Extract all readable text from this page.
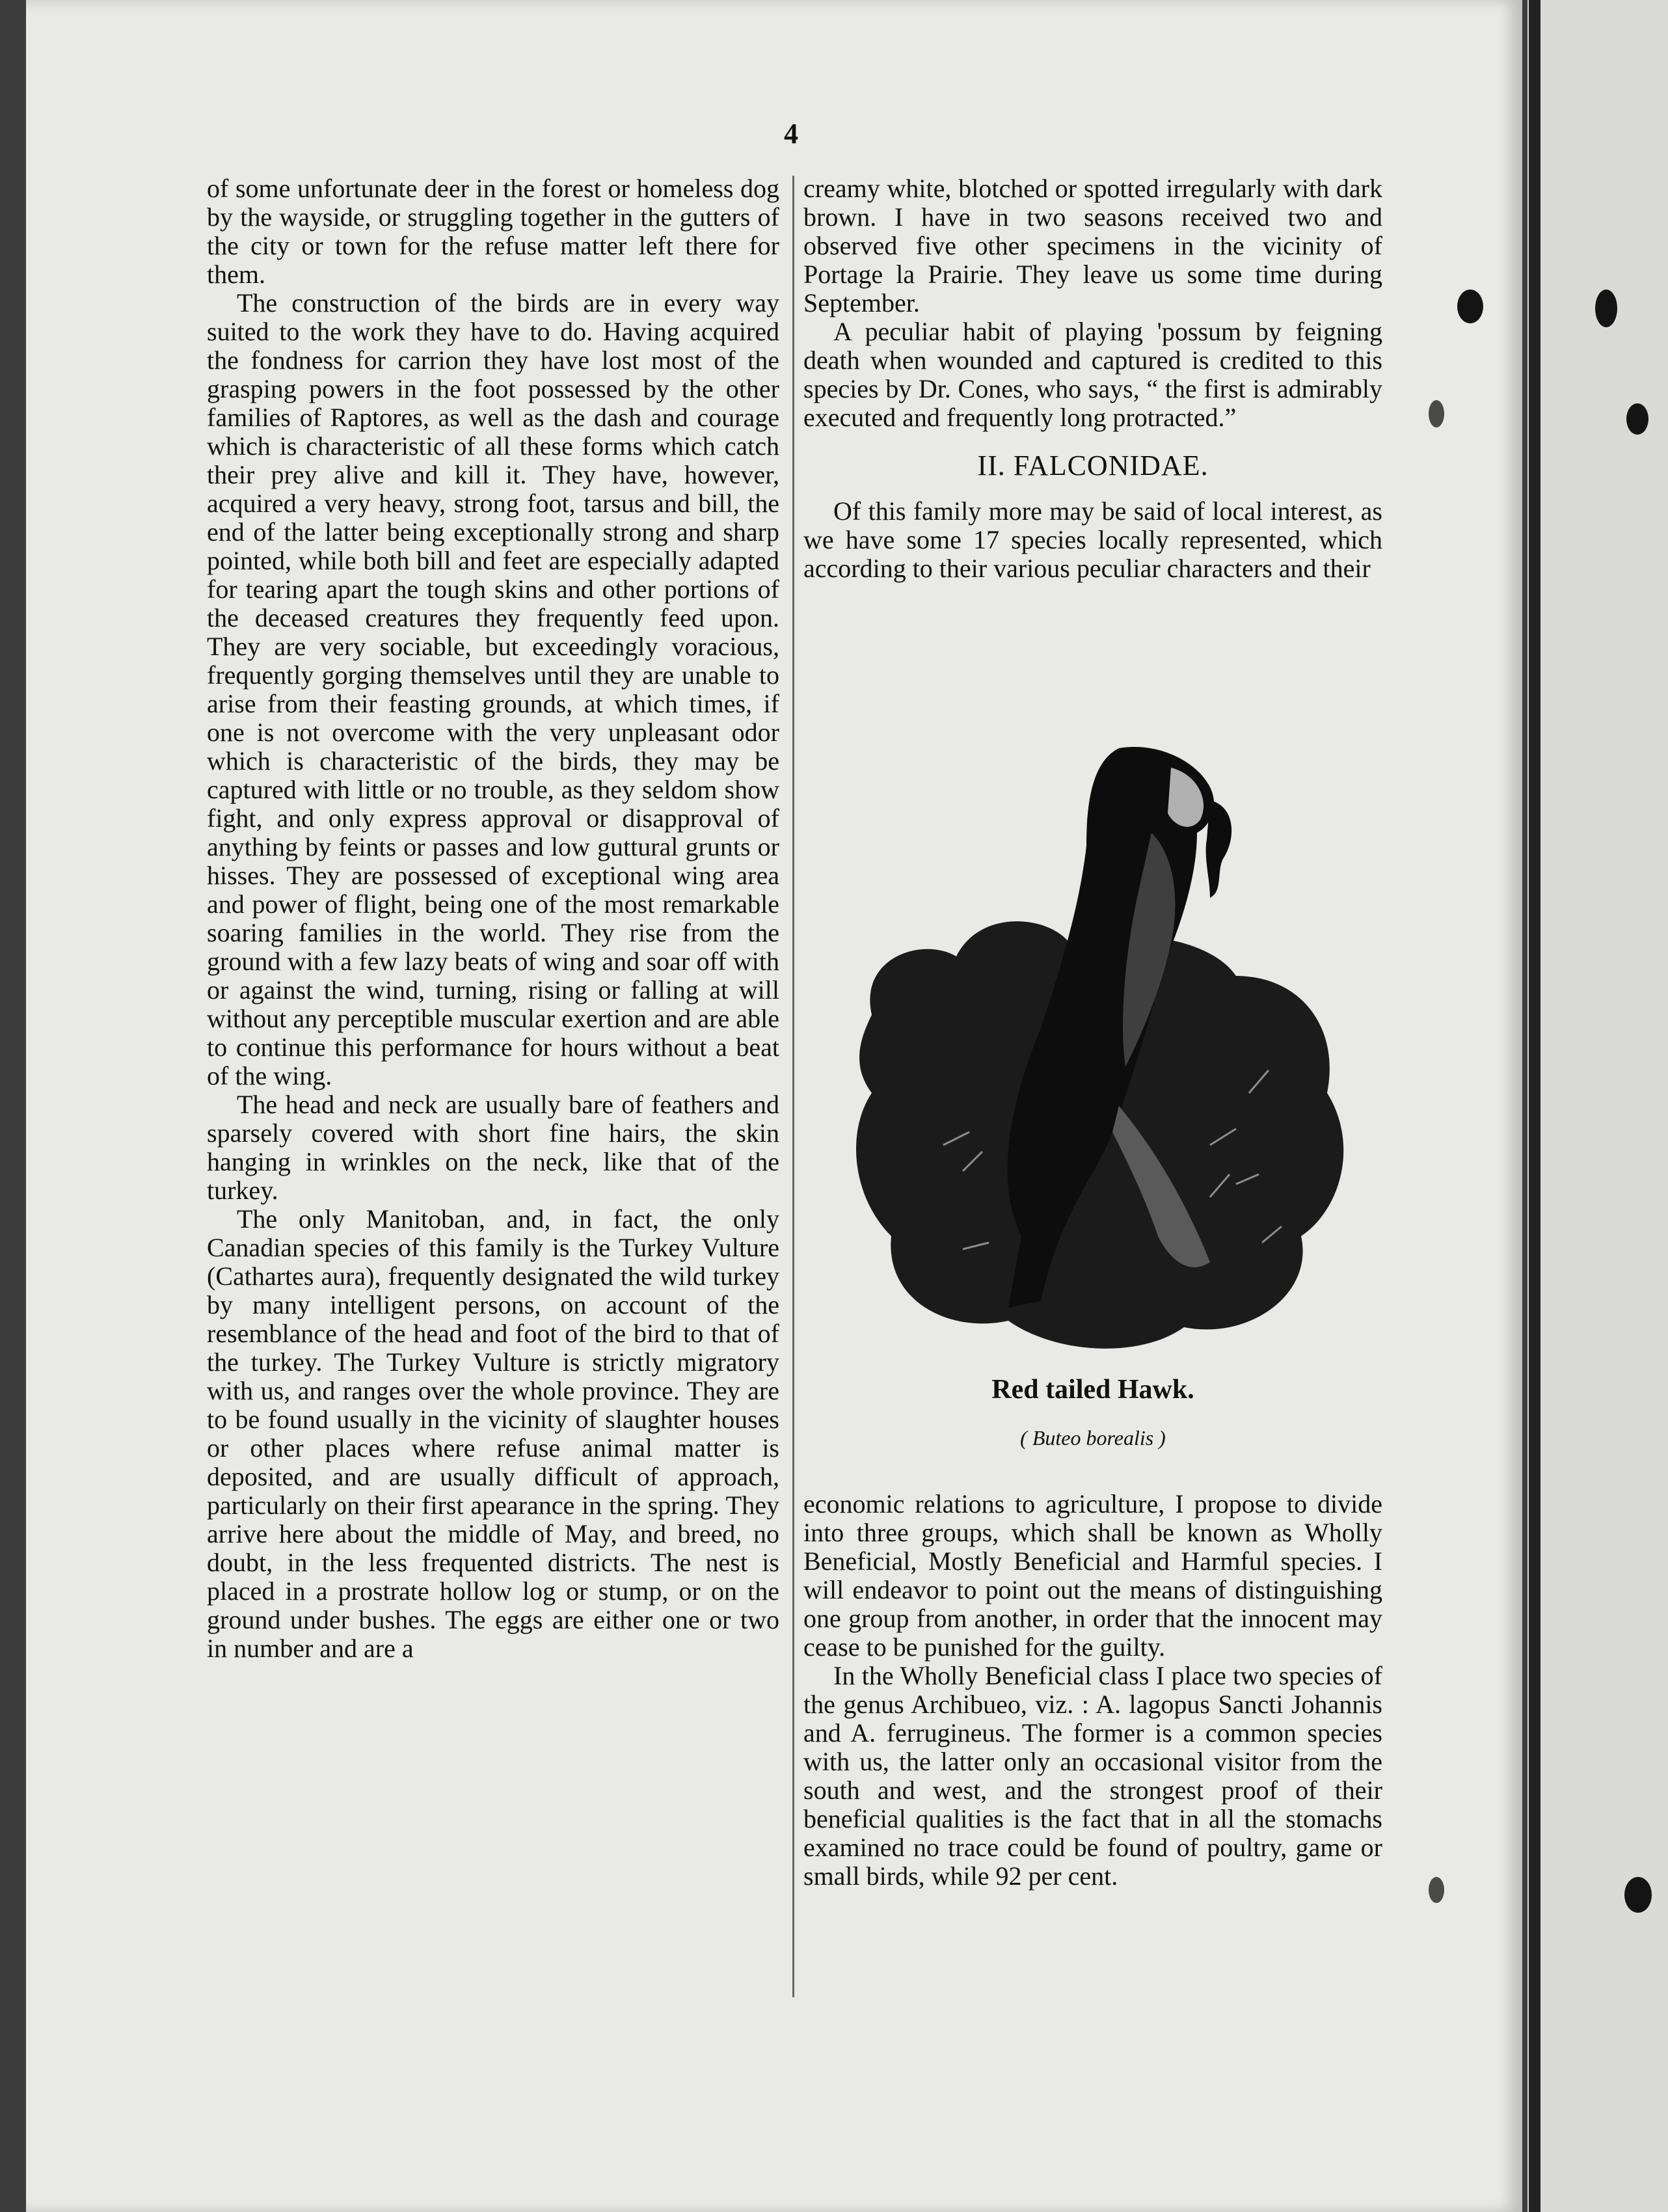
4

of some unfortunate deer in the forest or homeless dog by the wayside, or struggling together in the gutters of the city or town for the refuse matter left there for them.

The construction of the birds are in every way suited to the work they have to do. Having acquired the fondness for carrion they have lost most of the grasping powers in the foot possessed by the other families of Raptores, as well as the dash and courage which is characteristic of all these forms which catch their prey alive and kill it. They have, however, acquired a very heavy, strong foot, tarsus and bill, the end of the latter being exceptionally strong and sharp pointed, while both bill and feet are especially adapted for tearing apart the tough skins and other portions of the deceased creatures they frequently feed upon. They are very sociable, but exceedingly voracious, frequently gorging themselves until they are unable to arise from their feasting grounds, at which times, if one is not overcome with the very unpleasant odor which is characteristic of the birds, they may be captured with little or no trouble, as they seldom show fight, and only express approval or disapproval of anything by feints or passes and low guttural grunts or hisses. They are possessed of exceptional wing area and power of flight, being one of the most remarkable soaring families in the world. They rise from the ground with a few lazy beats of wing and soar off with or against the wind, turning, rising or falling at will without any perceptible muscular exertion and are able to continue this performance for hours without a beat of the wing.

The head and neck are usually bare of feathers and sparsely covered with short fine hairs, the skin hanging in wrinkles on the neck, like that of the turkey.

The only Manitoban, and, in fact, the only Canadian species of this family is the Turkey Vulture (Cathartes aura), frequently designated the wild turkey by many intelligent persons, on account of the resemblance of the head and foot of the bird to that of the turkey. The Turkey Vulture is strictly migratory with us, and ranges over the whole province. They are to be found usually in the vicinity of slaughter houses or other places where refuse animal matter is deposited, and are usually difficult of approach, particularly on their first apearance in the spring. They arrive here about the middle of May, and breed, no doubt, in the less frequented districts. The nest is placed in a prostrate hollow log or stump, or on the ground under bushes. The eggs are either one or two in number and are a

creamy white, blotched or spotted irregularly with dark brown. I have in two seasons received two and observed five other specimens in the vicinity of Portage la Prairie. They leave us some time during September.

A peculiar habit of playing 'possum by feigning death when wounded and captured is credited to this species by Dr. Cones, who says, “ the first is admirably executed and frequently long protracted.”

II. FALCONIDAE.

Of this family more may be said of local interest, as we have some 17 species locally represented, which according to their various peculiar characters and their

Red tailed Hawk.
( Buteo borealis )

economic relations to agriculture, I propose to divide into three groups, which shall be known as Wholly Beneficial, Mostly Beneficial and Harmful species. I will endeavor to point out the means of distinguishing one group from another, in order that the innocent may cease to be punished for the guilty.

In the Wholly Beneficial class I place two species of the genus Archibueo, viz. : A. lagopus Sancti Johannis and A. ferrugineus. The former is a common species with us, the latter only an occasional visitor from the south and west, and the strongest proof of their beneficial qualities is the fact that in all the stomachs examined no trace could be found of poultry, game or small birds, while 92 per cent.
